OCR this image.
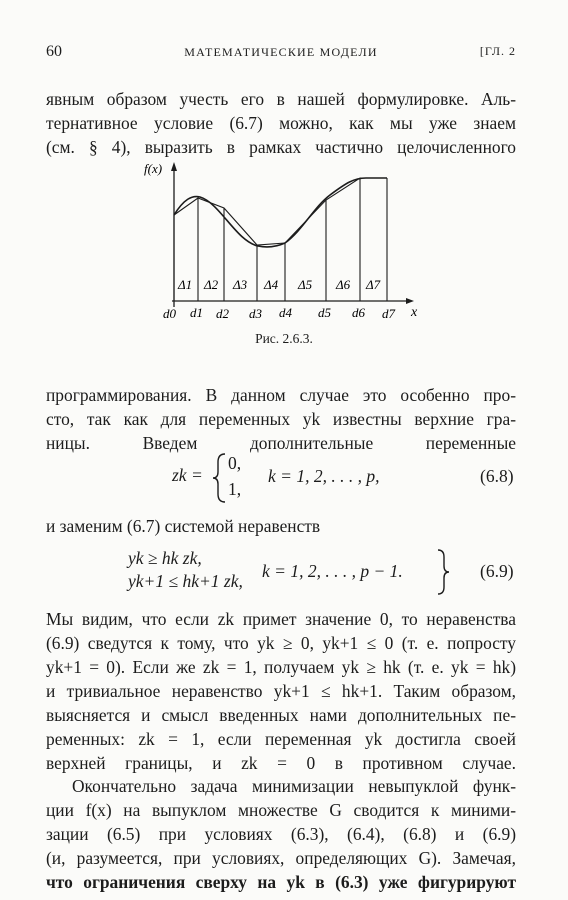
60	МАТЕМАТИЧЕСКИЕ МОДЕЛИ	[ГЛ. 2
явным образом учесть его в нашей формулировке. Аль-
тернативное условие (6.7) можно, как мы уже знаем
(см. § 4), выразить в рамках частично целочисленного
f(x)
x
d0 d1 d2 d3 d4 d5 d6 d7
Δ1 Δ2 Δ3 Δ4 Δ5 Δ6 Δ7
Рис. 2.6.3.
программирования. В данном случае это особенно про-
сто, так как для переменных yk известны верхние гра-
ницы. Введем дополнительные переменные
zk =
0,
1,
k = 1, 2, . . . , p,	(6.8)
и заменим (6.7) системой неравенств
yk ≥ hk zk,
yk+1 ≤ hk+1 zk, k = 1, 2, . . . , p − 1.	(6.9)
Мы видим, что если zk примет значение 0, то неравенства
(6.9) сведутся к тому, что yk ≥ 0, yk+1 ≤ 0 (т. е. попросту
yk+1 = 0). Если же zk = 1, получаем yk ≥ hk (т. е. yk = hk)
и тривиальное неравенство yk+1 ≤ hk+1. Таким образом,
выясняется и смысл введенных нами дополнительных пе-
ременных: zk = 1, если переменная yk достигла своей
верхней границы, и zk = 0 в противном случае.
Окончательно задача минимизации невыпуклой функ-
ции f(x) на выпуклом множестве G сводится к миними-
зации (6.5) при условиях (6.3), (6.4), (6.8) и (6.9)
(и, разумеется, при условиях, определяющих G). Замечая,
что ограничения сверху на yk в (6.3) уже фигурируют
